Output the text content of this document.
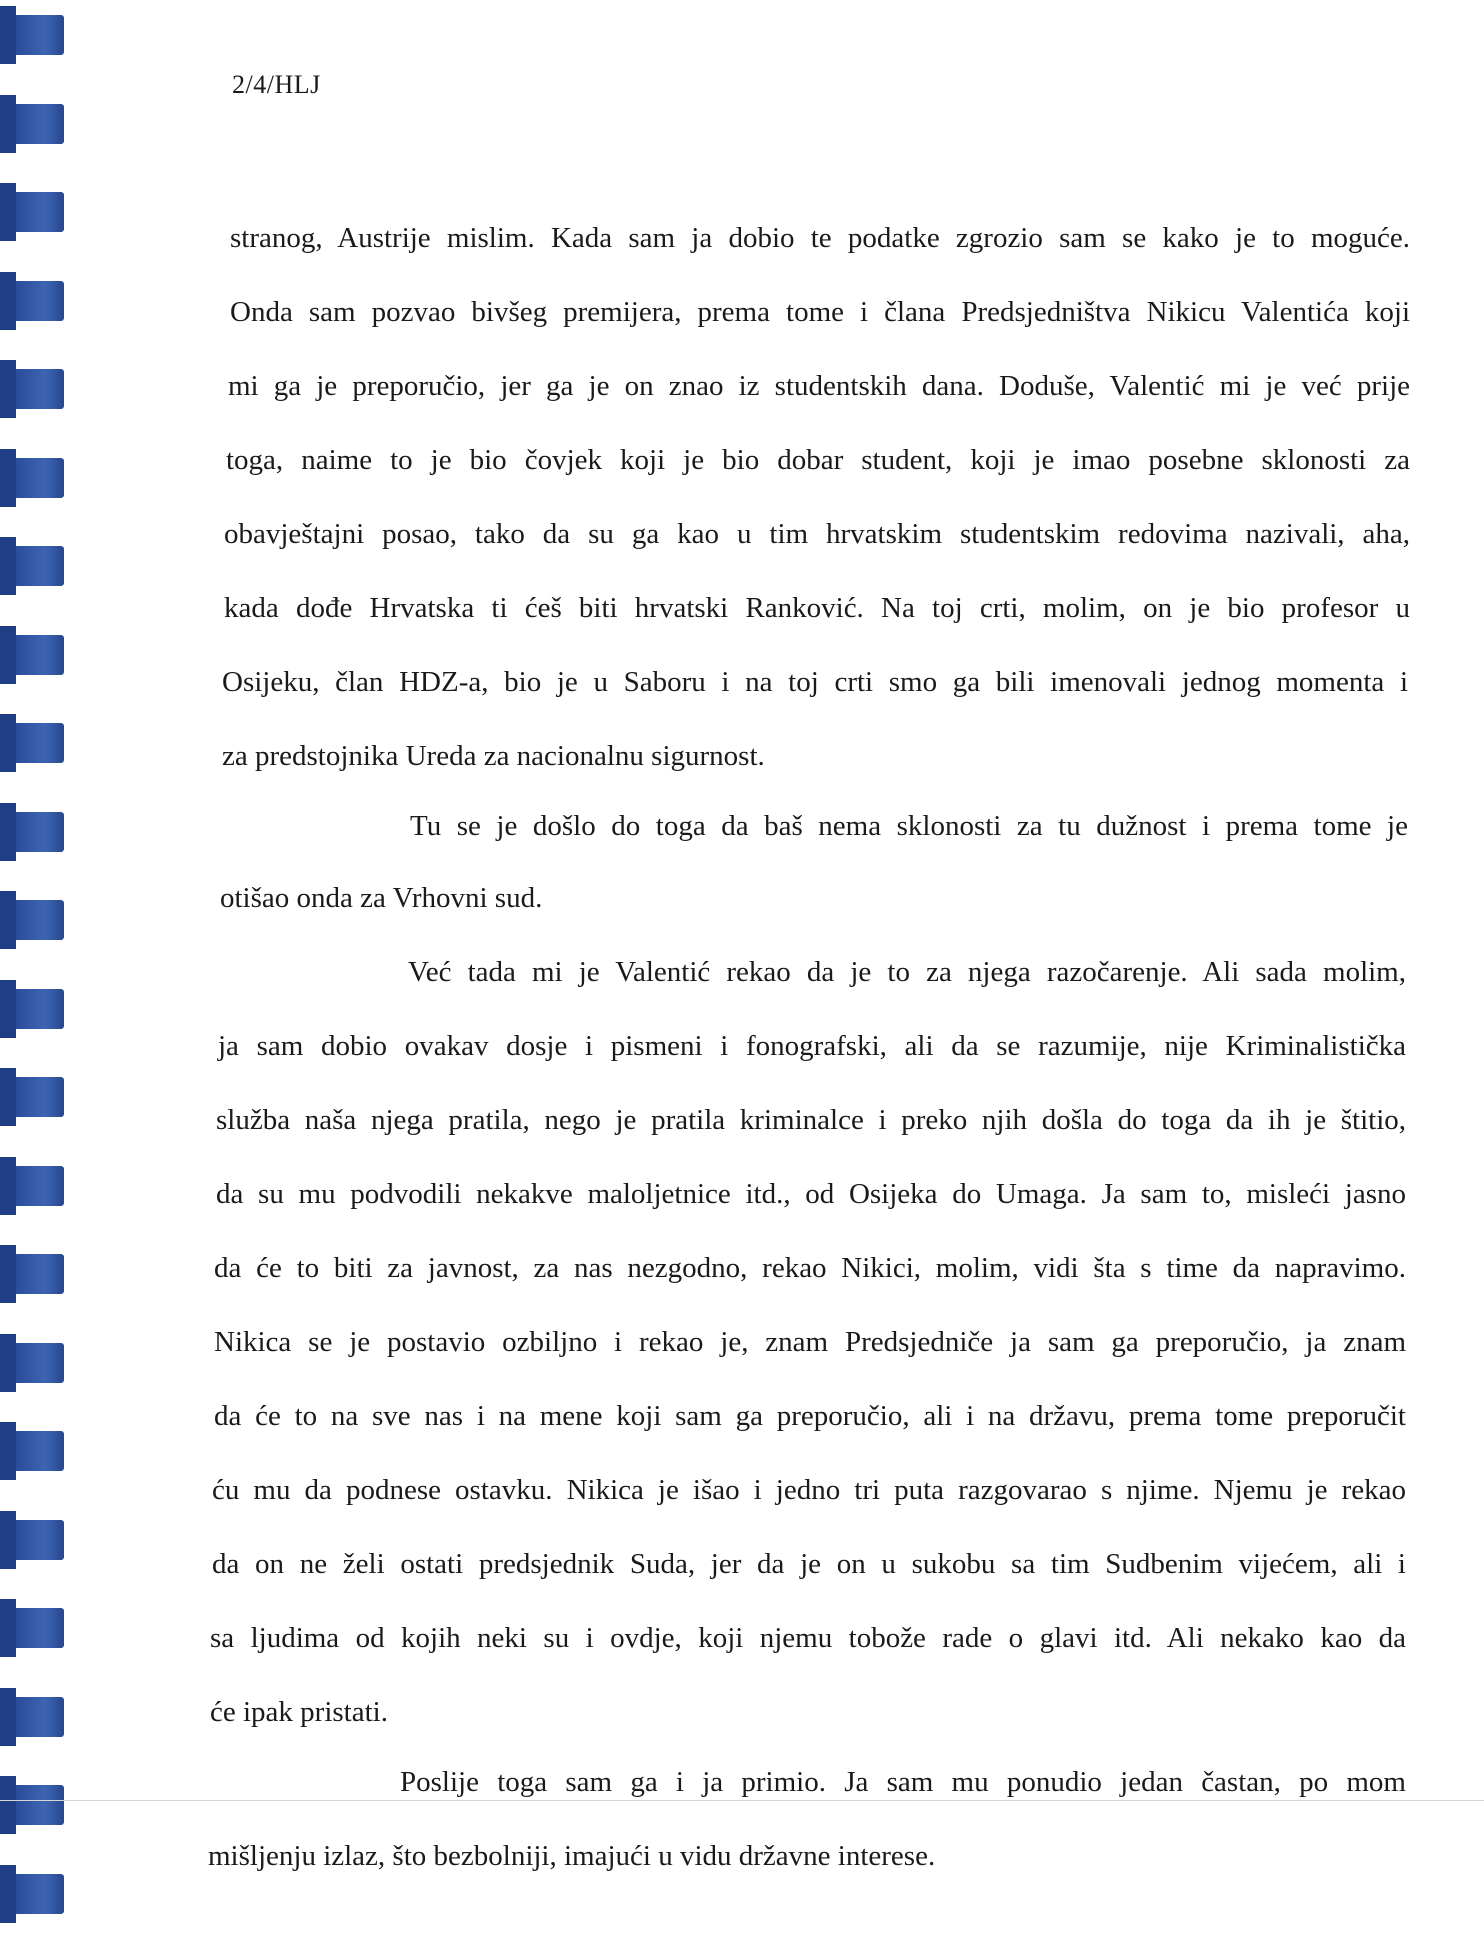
2/4/HLJ
stranog, Austrije mislim. Kada sam ja dobio te podatke zgrozio sam se kako je to moguće.
Onda sam pozvao bivšeg premijera, prema tome i člana Predsjedništva Nikicu Valentića koji
mi ga je preporučio, jer ga je on znao iz studentskih dana. Doduše, Valentić mi je već prije
toga, naime to je bio čovjek koji je bio dobar student, koji je imao posebne sklonosti za
obavještajni posao, tako da su ga kao u tim hrvatskim studentskim redovima nazivali, aha,
kada dođe Hrvatska ti ćeš biti hrvatski Ranković. Na toj crti, molim, on je bio profesor u
Osijeku, član HDZ-a, bio je u Saboru i na toj crti smo ga bili imenovali jednog momenta i
za predstojnika Ureda za nacionalnu sigurnost.
Tu se je došlo do toga da baš nema sklonosti za tu dužnost i prema tome je
otišao onda za Vrhovni sud.
Već tada mi je Valentić rekao da je to za njega razočarenje. Ali sada molim,
ja sam dobio ovakav dosje i pismeni i fonografski, ali da se razumije, nije Kriminalistička
služba naša njega pratila, nego je pratila kriminalce i preko njih došla do toga da ih je štitio,
da su mu podvodili nekakve maloljetnice itd., od Osijeka do Umaga. Ja sam to, misleći jasno
da će to biti za javnost, za nas nezgodno, rekao Nikici, molim, vidi šta s time da napravimo.
Nikica se je postavio ozbiljno i rekao je, znam Predsjedniče ja sam ga preporučio, ja znam
da će to na sve nas i na mene koji sam ga preporučio, ali i na državu, prema tome preporučit
ću mu da podnese ostavku. Nikica je išao i jedno tri puta razgovarao s njime. Njemu je rekao
da on ne želi ostati predsjednik Suda, jer da je on u sukobu sa tim Sudbenim vijećem, ali i
sa ljudima od kojih neki su i ovdje, koji njemu tobože rade o glavi itd. Ali nekako kao da
će ipak pristati.
Poslije toga sam ga i ja primio. Ja sam mu ponudio jedan častan, po mom
mišljenju izlaz, što bezbolniji, imajući u vidu državne interese.
